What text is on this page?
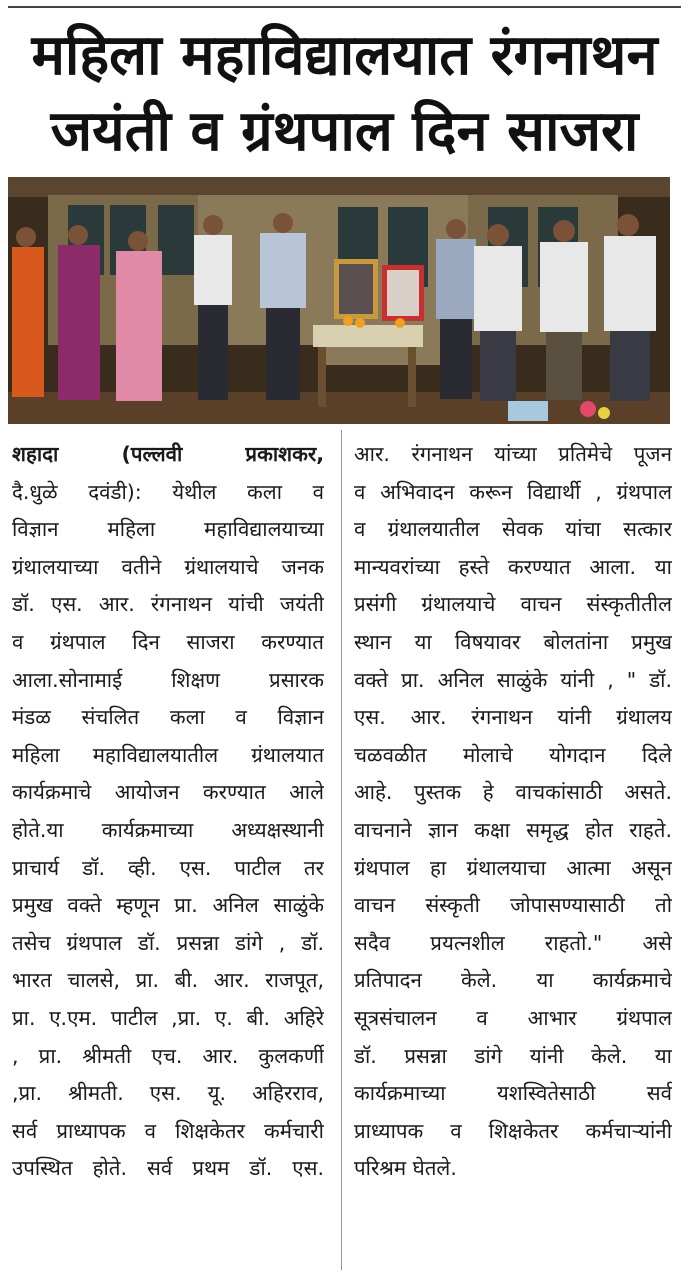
महिला महाविद्यालयात रंगनाथन
जयंती व ग्रंथपाल दिन साजरा
शहादा (पल्लवी प्रकाशकर,
दै.धुळे दवंडी): येथील कला व
विज्ञान महिला महाविद्यालयाच्या
ग्रंथालयाच्या वतीने ग्रंथालयाचे जनक
डॉ. एस. आर. रंगनाथन यांची जयंती
व ग्रंथपाल दिन साजरा करण्यात
आला.सोनामाई शिक्षण प्रसारक
मंडळ संचलित कला व विज्ञान
महिला महाविद्यालयातील ग्रंथालयात
कार्यक्रमाचे आयोजन करण्यात आले
होते.या कार्यक्रमाच्या अध्यक्षस्थानी
प्राचार्य डॉ. व्ही. एस. पाटील तर
प्रमुख वक्ते म्हणून प्रा. अनिल साळुंके
तसेच ग्रंथपाल डॉ. प्रसन्ना डांगे , डॉ.
भारत चालसे, प्रा. बी. आर. राजपूत,
प्रा. ए.एम. पाटील ,प्रा. ए. बी. अहिरे
, प्रा. श्रीमती एच. आर. कुलकर्णी
,प्रा. श्रीमती. एस. यू. अहिरराव,
सर्व प्राध्यापक व शिक्षकेतर कर्मचारी
उपस्थित होते. सर्व प्रथम डॉ. एस.
आर. रंगनाथन यांच्या प्रतिमेचे पूजन
व अभिवादन करून विद्यार्थी , ग्रंथपाल
व ग्रंथालयातील सेवक यांचा सत्कार
मान्यवरांच्या हस्ते करण्यात आला. या
प्रसंगी ग्रंथालयाचे वाचन संस्कृतीतील
स्थान या विषयावर बोलतांना प्रमुख
वक्ते प्रा. अनिल साळुंके यांनी , " डॉ.
एस. आर. रंगनाथन यांनी ग्रंथालय
चळवळीत मोलाचे योगदान दिले
आहे. पुस्तक हे वाचकांसाठी असते.
वाचनाने ज्ञान कक्षा समृद्ध होत राहते.
ग्रंथपाल हा ग्रंथालयाचा आत्मा असून
वाचन संस्कृती जोपासण्यासाठी तो
सदैव प्रयत्नशील राहतो." असे
प्रतिपादन केले. या कार्यक्रमाचे
सूत्रसंचालन व आभार ग्रंथपाल
डॉ. प्रसन्ना डांगे यांनी केले. या
कार्यक्रमाच्या यशस्वितेसाठी सर्व
प्राध्यापक व शिक्षकेतर कर्मचाऱ्यांनी
परिश्रम घेतले.
